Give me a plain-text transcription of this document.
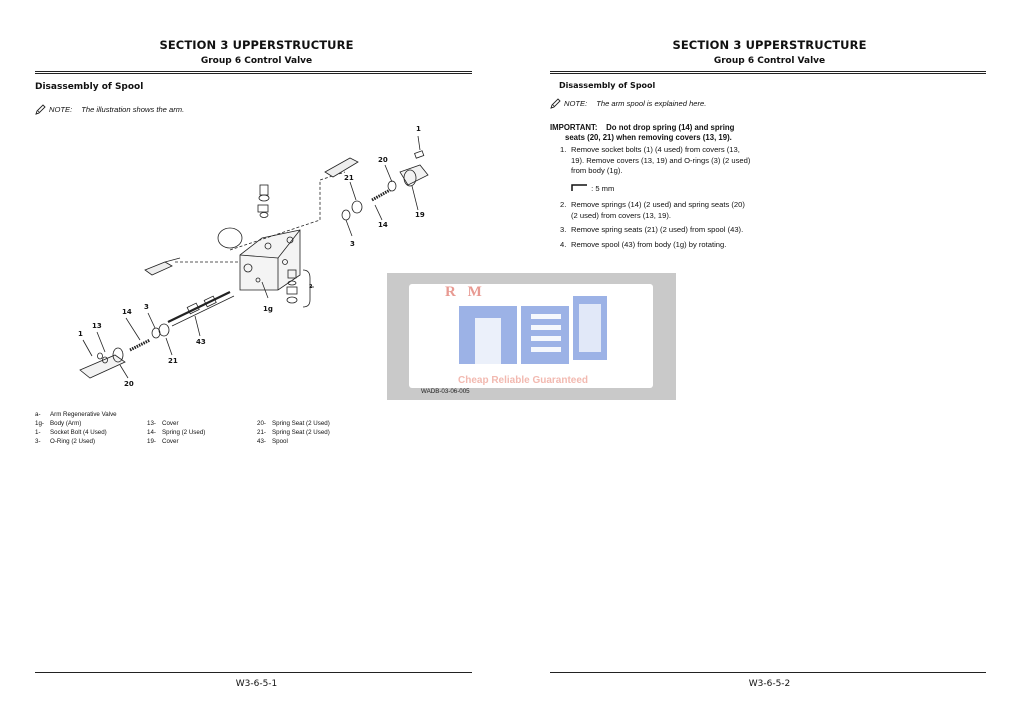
SECTION 3 UPPERSTRUCTURE
Group 6 Control Valve
Disassembly of Spool
NOTE: The illustration shows the arm.
a- Arm Regenerative Valve
1g- Body (Arm)
1- Socket Bolt (4 Used)
3- O-Ring (2 Used)
13- Cover
14- Spring (2 Used)
19- Cover
20- Spring Seat (2 Used)
21- Spring Seat (2 Used)
43- Spool
W3-6-5-1
1
20
21
3
14
19
2
1g
14
3
13
1
43
21
20
SECTION 3 UPPERSTRUCTURE
Group 6 Control Valve
Disassembly of Spool
NOTE: The arm spool is explained here.
W3-6-5-2
IMPORTANT: Do not drop spring (14) and spring
seats (20, 21) when removing covers (13, 19).
1. Remove socket bolts (1) (4 used) from covers (13,
19). Remove covers (13, 19) and O-rings (3) (2 used)
from body (1g).
: 5 mm
2. Remove springs (14) (2 used) and spring seats (20)
(2 used) from covers (13, 19).
3. Remove spring seats (21) (2 used) from spool (43).
4. Remove spool (43) from body (1g) by rotating.
R M
Cheap Reliable Guaranteed
WADB-03-06-005
